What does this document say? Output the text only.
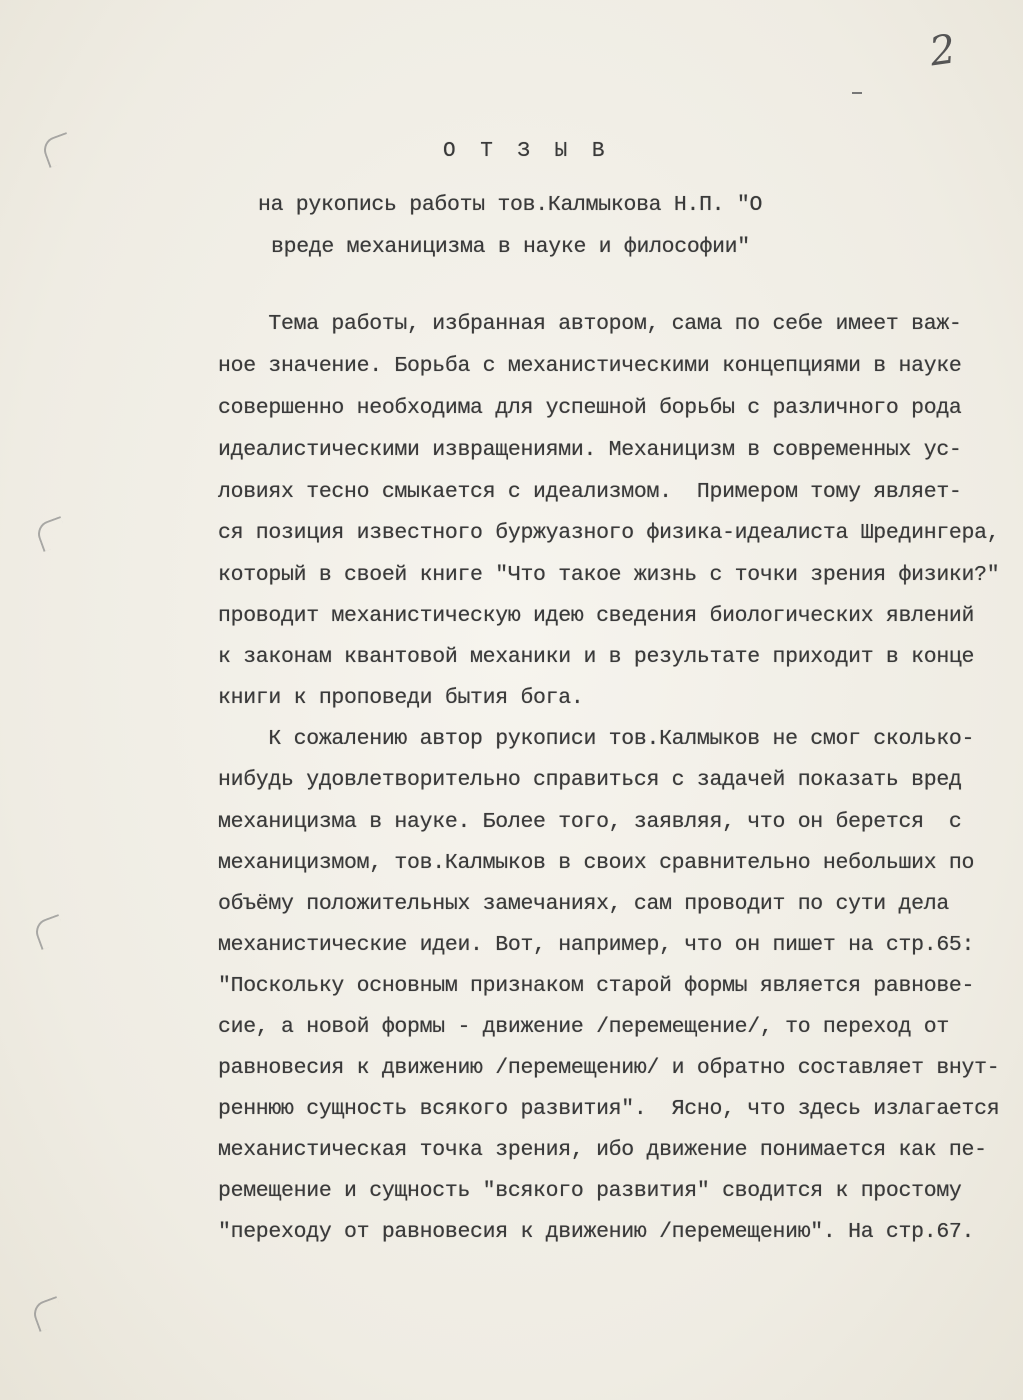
2
О Т З Ы В
на рукопись работы тов.Калмыкова Н.П. "О
вреде механицизма в науке и философии"
Тема работы, избранная автором, сама по себе имеет важ-
ное значение. Борьба с механистическими концепциями в науке
совершенно необходима для успешной борьбы с различного рода
идеалистическими извращениями. Механицизм в современных ус-
ловиях тесно смыкается с идеализмом.  Примером тому являет-
ся позиция известного буржуазного физика-идеалиста Шредингера,
который в своей книге "Что такое жизнь с точки зрения физики?"
проводит механистическую идею сведения биологических явлений
к законам квантовой механики и в результате приходит в конце
книги к проповеди бытия бога.
К сожалению автор рукописи тов.Калмыков не смог сколько-
нибудь удовлетворительно справиться с задачей показать вред
механицизма в науке. Более того, заявляя, что он берется  с
механицизмом, тов.Калмыков в своих сравнительно небольших по
объёму положительных замечаниях, сам проводит по сути дела
механистические идеи. Вот, например, что он пишет на стр.65:
"Поскольку основным признаком старой формы является равнове-
сие, а новой формы - движение /перемещение/, то переход от
равновесия к движению /перемещению/ и обратно составляет внут-
реннюю сущность всякого развития".  Ясно, что здесь излагается
механистическая точка зрения, ибо движение понимается как пе-
ремещение и сущность "всякого развития" сводится к простому
"переходу от равновесия к движению /перемещению". На стр.67.
